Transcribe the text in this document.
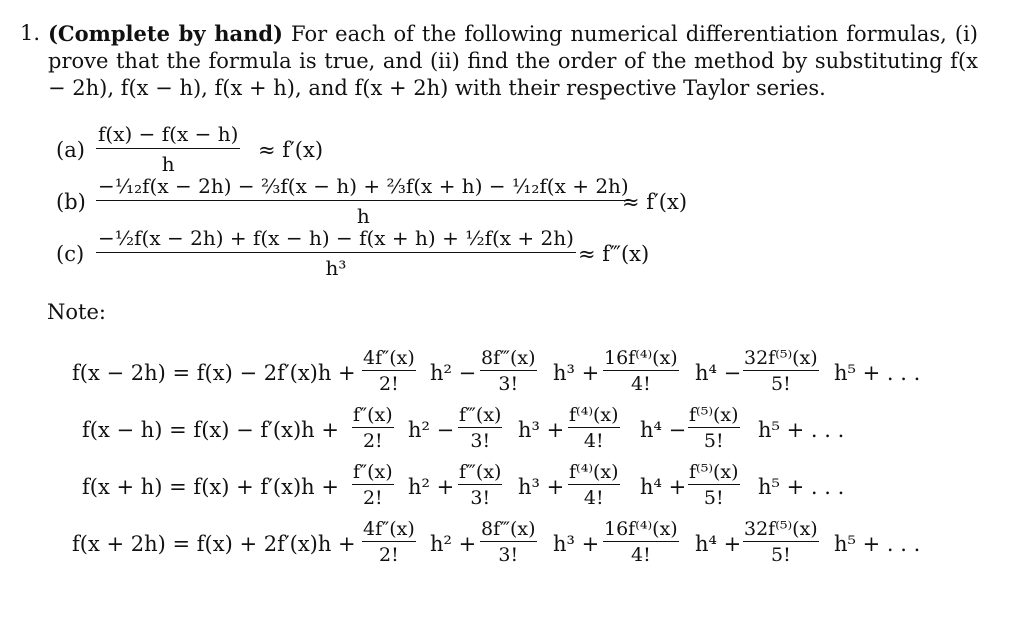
1. (Complete by hand) For each of the following numerical differentiation formulas, (i) prove that the formula is true, and (ii) find the order of the method by substituting f(x − 2h), f(x − h), f(x + h), and f(x + 2h) with their respective Taylor series.
$(a) \frac{f(x) - f(x - h)}{h} \approx f'(x)$
$(b) \frac{\text{−¹⁄₁₂f(x − 2h) − ²⁄₃f(x − h) + ²⁄₃f(x + h) − ¹⁄₁₂f(x + 2h)}}{h}$
≈ f′(x)
$(c) \frac{\text{−½f(x − 2h) + f(x − h) − f(x + h) + ½f(x + 2h)}}{\text{h³}}$ ≈ f‴(x)
Note:
$f(x - 2h) = f(x) - 2f'(x)h + \frac{4f''(x)}{2!} h^2 - \frac{8f‴(x)}{3!} h^3 + \frac{\text{16f⁽⁴⁾(x)}}{4!} h^4 - \frac{\text{32f⁽⁵⁾(x)}}{5!} h^5$ + . . .
$f(x - h) = f(x) - f'(x)h + \frac{f''(x)}{2!} h^2 - \frac{f‴(x)}{3!} h^3 + \frac{\text{f⁽⁴⁾(x)}}{4!} h^4 - \frac{\text{f⁽⁵⁾(x)}}{5!} h^5$ + . . .
$f(x + h) = f(x) + f'(x)h + \frac{f''(x)}{2!} h^2 + \frac{f‴(x)}{3!} h^3 + \frac{\text{f⁽⁴⁾(x)}}{4!} h^4 + \frac{\text{f⁽⁵⁾(x)}}{5!} h^5$ + . . .
$f(x + 2h) = f(x) + 2f'(x)h + \frac{4f''(x)}{2!} h^2 + \frac{8f‴(x)}{3!} h^3 + \frac{\text{16f⁽⁴⁾(x)}}{4!} h^4 + \frac{\text{32f⁽⁵⁾(x)}}{5!} h^5$ + . . .
